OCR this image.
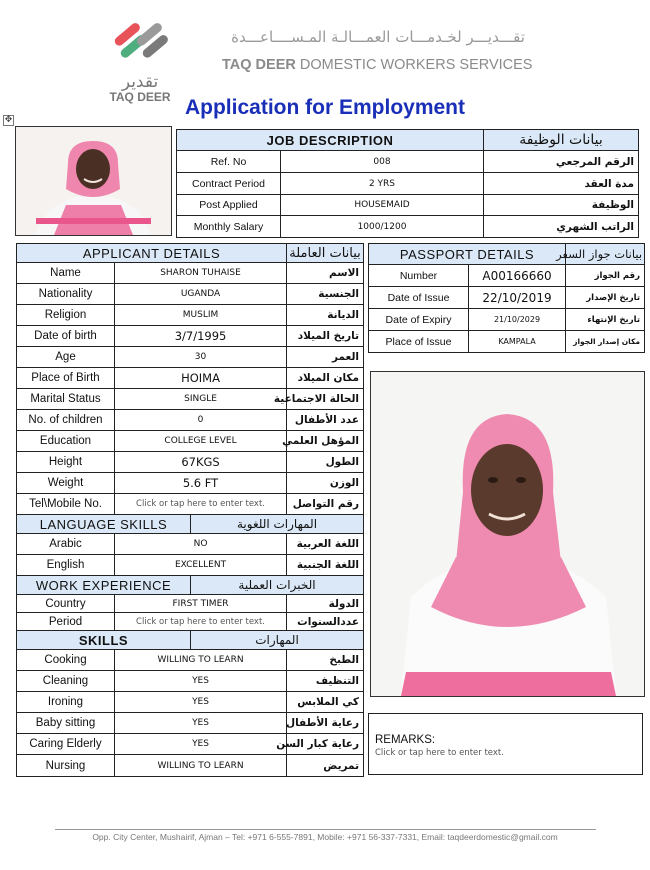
تقدير
TAQ DEER
تقـــديـــر لخـدمـــات العمـــالـة المـســــاعـــدة
TAQ DEER DOMESTIC WORKERS SERVICES
Application for Employment
✥
JOB DESCRIPTION		بيانات الوظيفة
Ref. No	008	الرقم المرجعي
Contract Period	2 YRS	مدة العقد
Post Applied	HOUSEMAID	الوظيفة
Monthly Salary	1000/1200	الراتب الشهري
APPLICANT DETAILS			بيانات العاملة
Name	SHARON TUHAISE		الاسم
Nationality	UGANDA		الجنسية
Religion	MUSLIM		الديانة
Date of birth	3/7/1995		تاريخ الميلاد
Age	30		العمر
Place of Birth	HOIMA		مكان الميلاد
Marital Status	SINGLE		الحالة الاجتماعية
No. of children	0		عدد الأطفال
Education	COLLEGE LEVEL		المؤهل العلمي
Height	67KGS		الطول
Weight	5.6 FT		الوزن
Tel\Mobile No.	Click or tap here to enter text.		رقم التواصل
LANGUAGE SKILLS		المهارات اللغوية	
Arabic	NO		اللغة العربية
English	EXCELLENT		اللغة الجنبية
WORK EXPERIENCE		الخبرات العملية	
Country	FIRST TIMER		الدولة
Period	Click or tap here to enter text.		عددالسنوات
SKILLS		المهارات	
Cooking	WILLING TO LEARN		الطبخ
Cleaning	YES		التنظيف
Ironing	YES		كي الملابس
Baby sitting	YES		رعاية الأطفال
Caring Elderly	YES		رعاية كبار السن
Nursing	WILLING TO LEARN		تمريض
PASSPORT DETAILS		بيانات جواز السفر
Number	A00166660	رقم الجواز
Date of Issue	22/10/2019	تاريخ الإصدار
Date of Expiry	21/10/2029	تاريخ الإنتهاء
Place of Issue	KAMPALA	مكان إصدار الجواز
REMARKS:
Click or tap here to enter text.
Opp. City Center, Mushairif, Ajman – Tel: +971 6-555-7891, Mobile: +971 56-337-7331, Email: taqdeerdomestic@gmail.com
